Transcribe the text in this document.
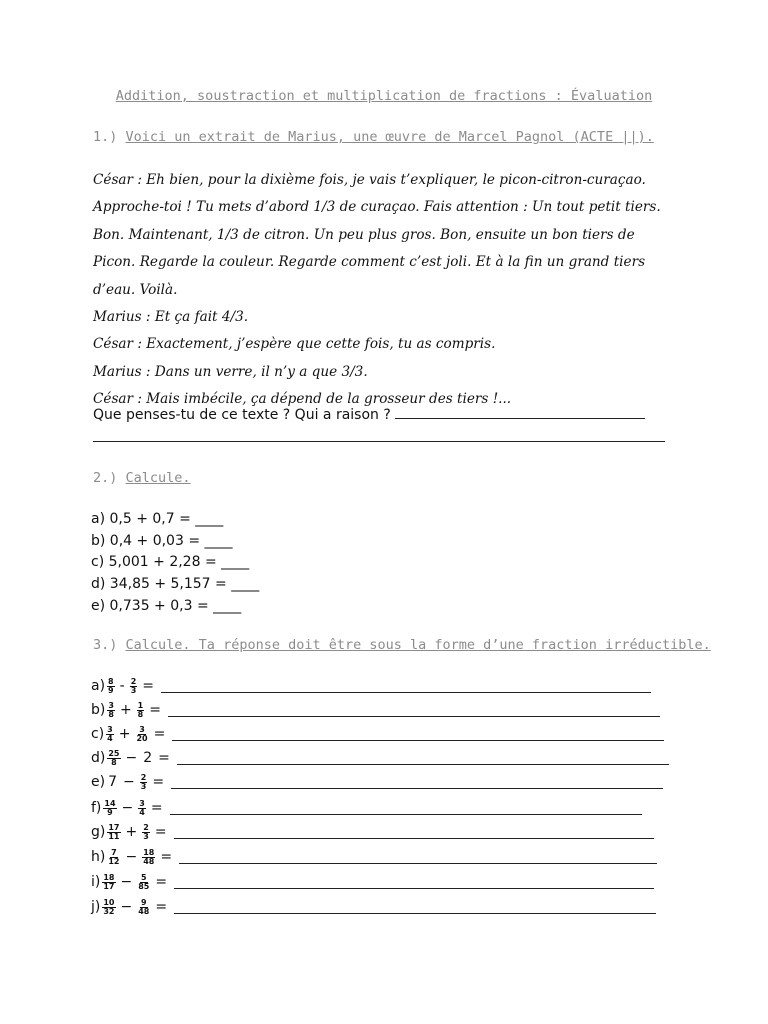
Addition, soustraction et multiplication de fractions : Évaluation
1.) Voici un extrait de Marius, une œuvre de Marcel Pagnol (ACTE ||).

César : Eh bien, pour la dixième fois, je vais t’expliquer, le picon-citron-curaçao. Approche-toi ! Tu mets d’abord 1/3 de curaçao. Fais attention : Un tout petit tiers. Bon. Maintenant, 1/3 de citron. Un peu plus gros. Bon, ensuite un bon tiers de Picon. Regarde la couleur. Regarde comment c’est joli. Et à la fin un grand tiers d’eau. Voilà.

Marius : Et ça fait 4/3.

César : Exactement, j’espère que cette fois, tu as compris.

Marius : Dans un verre, il n’y a que 3/3.

César : Mais imbécile, ça dépend de la grosseur des tiers !...

Que penses-tu de ce texte ? Qui a raison ?
2.) Calcule.
a) 0,5 + 0,7 = ____
b) 0,4 + 0,03 = ____
c) 5,001 + 2,28 = ____
d) 34,85 + 5,157 = ____
e) 0,735 + 0,3 = ____
3.) Calcule. Ta réponse doit être sous la forme d’une fraction irréductible.
$a) \frac{8}{9} - \frac{2}{3}$ =
$b) \frac{3}{8} + \frac{1}{8}$ =
$c) \frac{3}{4} + \frac{3}{20}$ =
$d) \frac{25}{8} - 2$ =
e) $7 - \frac{2}{3}$ =
$f) \frac{14}{9} - \frac{3}{4}$ =
$g) \frac{17}{11} + \frac{2}{3}$ =
$h) \frac{7}{12} - \frac{18}{48}$ =
$i) \frac{18}{17} - \frac{5}{85}$ =
$j) \frac{10}{32} - \frac{9}{48}$ =
